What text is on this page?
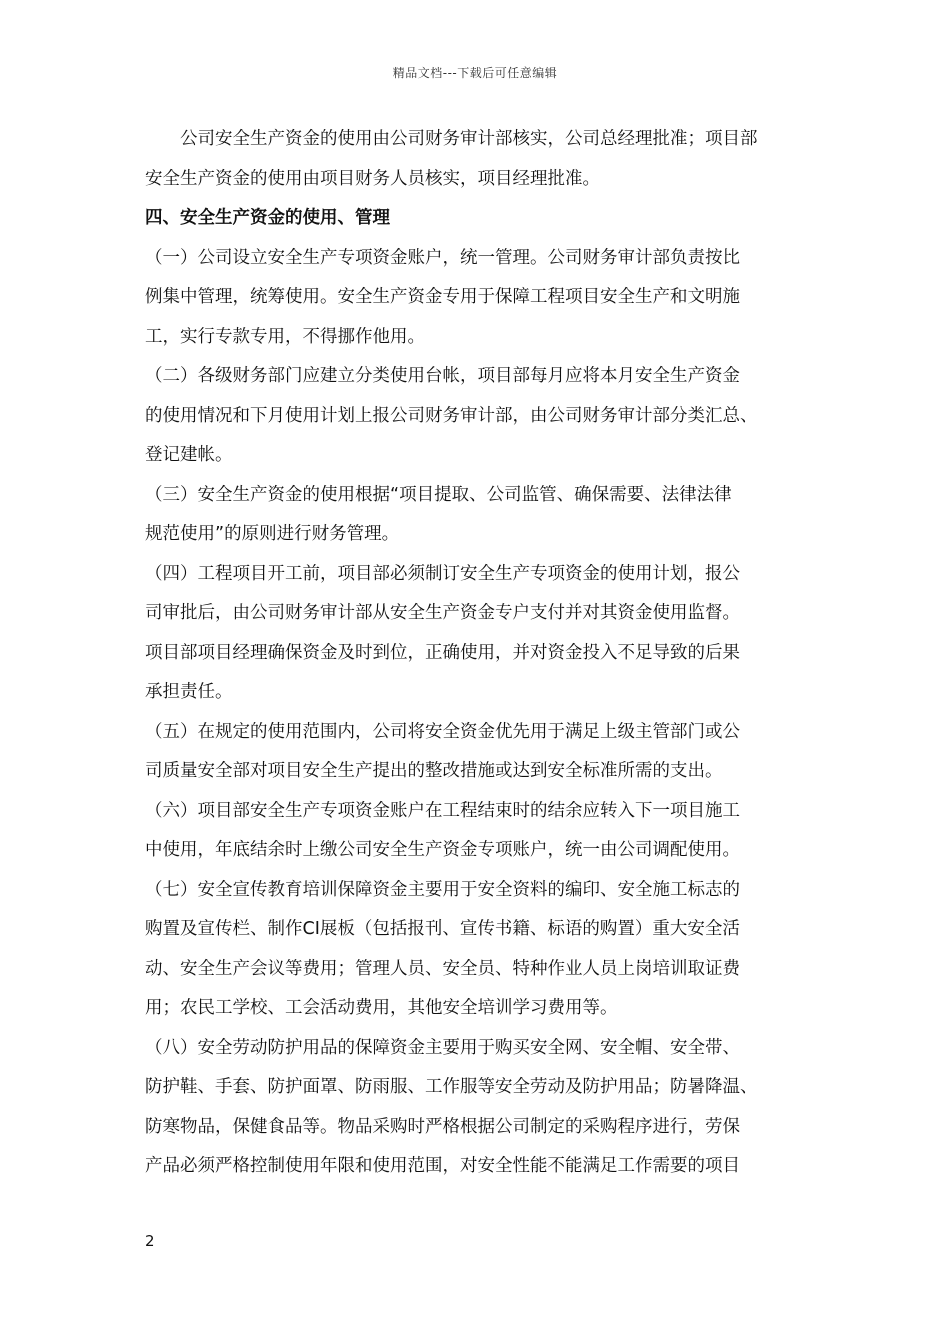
精品文档---下载后可任意编辑
　　公司安全生产资金的使用由公司财务审计部核实，公司总经理批准；项目部
安全生产资金的使用由项目财务人员核实，项目经理批准。
四、安全生产资金的使用、管理
（一）公司设立安全生产专项资金账户，统一管理。公司财务审计部负责按比
例集中管理，统筹使用。安全生产资金专用于保障工程项目安全生产和文明施
工，实行专款专用，不得挪作他用。
（二）各级财务部门应建立分类使用台帐，项目部每月应将本月安全生产资金
的使用情况和下月使用计划上报公司财务审计部，由公司财务审计部分类汇总、
登记建帐。
（三）安全生产资金的使用根据“项目提取、公司监管、确保需要、法律法律
规范使用”的原则进行财务管理。
（四）工程项目开工前，项目部必须制订安全生产专项资金的使用计划，报公
司审批后，由公司财务审计部从安全生产资金专户支付并对其资金使用监督。
项目部项目经理确保资金及时到位，正确使用，并对资金投入不足导致的后果
承担责任。
（五）在规定的使用范围内，公司将安全资金优先用于满足上级主管部门或公
司质量安全部对项目安全生产提出的整改措施或达到安全标准所需的支出。
（六）项目部安全生产专项资金账户在工程结束时的结余应转入下一项目施工
中使用，年底结余时上缴公司安全生产资金专项账户，统一由公司调配使用。
（七）安全宣传教育培训保障资金主要用于安全资料的编印、安全施工标志的
购置及宣传栏、制作CI展板（包括报刊、宣传书籍、标语的购置）重大安全活
动、安全生产会议等费用；管理人员、安全员、特种作业人员上岗培训取证费
用；农民工学校、工会活动费用，其他安全培训学习费用等。
（八）安全劳动防护用品的保障资金主要用于购买安全网、安全帽、安全带、
防护鞋、手套、防护面罩、防雨服、工作服等安全劳动及防护用品；防暑降温、
防寒物品，保健食品等。物品采购时严格根据公司制定的采购程序进行，劳保
产品必须严格控制使用年限和使用范围，对安全性能不能满足工作需要的项目
2
